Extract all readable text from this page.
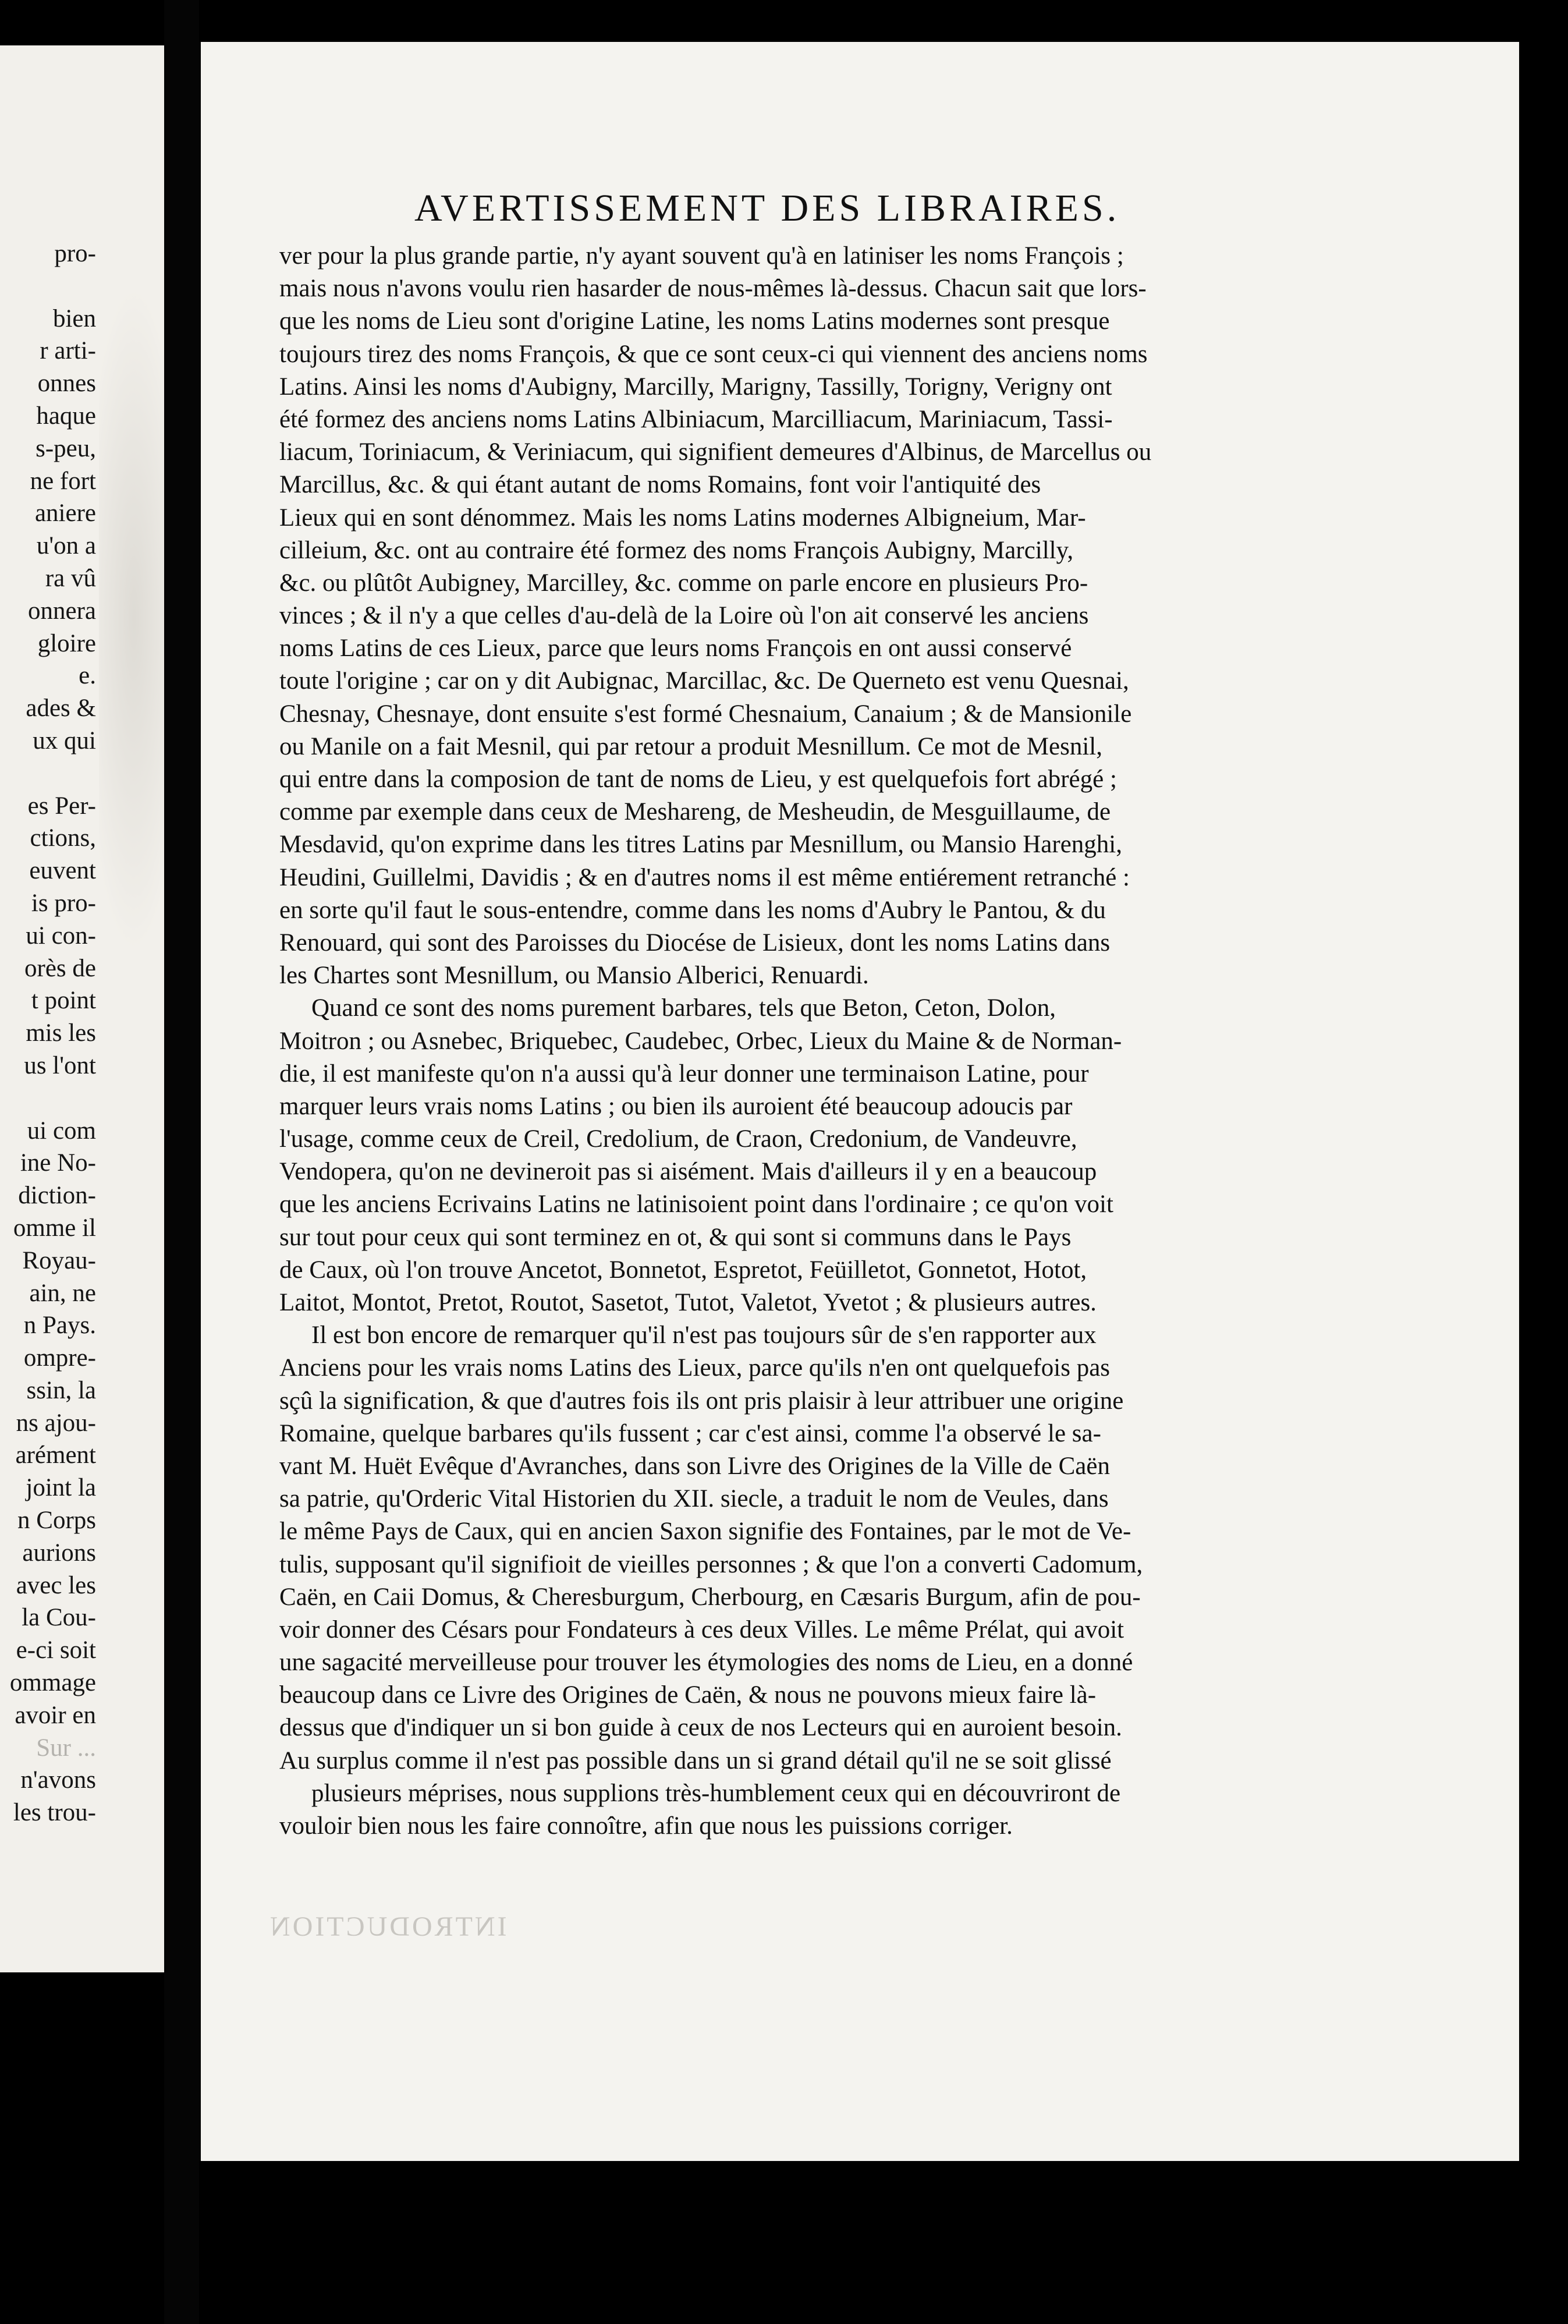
pro-
bien
r arti-
onnes
haque
s-peu,
ne fort
aniere
u'on a
ra vû
onnera
gloire
e.
ades &
ux qui
es Per-
ctions,
euvent
is pro-
ui con-
orès de
t point
mis les
us l'ont
ui com
ine No-
diction-
omme il
Royau-
ain, ne
n Pays.
ompre-
ssin, la
ns ajou-
arément
joint la
n Corps
aurions
avec les
la Cou-
e-ci soit
ommage
avoir en
Sur ...
n'avons
les trou-
AVERTISSEMENT DES LIBRAIRES.
ver pour la plus grande partie, n'y ayant souvent qu'à en latiniser les noms François ;
mais nous n'avons voulu rien hasarder de nous-mêmes là-dessus. Chacun sait que lors-
que les noms de Lieu sont d'origine Latine, les noms Latins modernes sont presque
toujours tirez des noms François, & que ce sont ceux-ci qui viennent des anciens noms
Latins. Ainsi les noms d'Aubigny, Marcilly, Marigny, Tassilly, Torigny, Verigny ont
été formez des anciens noms Latins Albiniacum, Marcilliacum, Mariniacum, Tassi-
liacum, Toriniacum, & Veriniacum, qui signifient demeures d'Albinus, de Marcellus ou
Marcillus, &c. & qui étant autant de noms Romains, font voir l'antiquité des
Lieux qui en sont dénommez. Mais les noms Latins modernes Albigneium, Mar-
cilleium, &c. ont au contraire été formez des noms François Aubigny, Marcilly,
&c. ou plûtôt Aubigney, Marcilley, &c. comme on parle encore en plusieurs Pro-
vinces ; & il n'y a que celles d'au-delà de la Loire où l'on ait conservé les anciens
noms Latins de ces Lieux, parce que leurs noms François en ont aussi conservé
toute l'origine ; car on y dit Aubignac, Marcillac, &c. De Querneto est venu Quesnai,
Chesnay, Chesnaye, dont ensuite s'est formé Chesnaium, Canaium ; & de Mansionile
ou Manile on a fait Mesnil, qui par retour a produit Mesnillum. Ce mot de Mesnil,
qui entre dans la composion de tant de noms de Lieu, y est quelquefois fort abrégé ;
comme par exemple dans ceux de Meshareng, de Mesheudin, de Mesguillaume, de
Mesdavid, qu'on exprime dans les titres Latins par Mesnillum, ou Mansio Harenghi,
Heudini, Guillelmi, Davidis ; & en d'autres noms il est même entiérement retranché :
en sorte qu'il faut le sous-entendre, comme dans les noms d'Aubry le Pantou, & du
Renouard, qui sont des Paroisses du Diocése de Lisieux, dont les noms Latins dans
les Chartes sont Mesnillum, ou Mansio Alberici, Renuardi.
Quand ce sont des noms purement barbares, tels que Beton, Ceton, Dolon,
Moitron ; ou Asnebec, Briquebec, Caudebec, Orbec, Lieux du Maine & de Norman-
die, il est manifeste qu'on n'a aussi qu'à leur donner une terminaison Latine, pour
marquer leurs vrais noms Latins ; ou bien ils auroient été beaucoup adoucis par
l'usage, comme ceux de Creil, Credolium, de Craon, Credonium, de Vandeuvre,
Vendopera, qu'on ne devineroit pas si aisément. Mais d'ailleurs il y en a beaucoup
que les anciens Ecrivains Latins ne latinisoient point dans l'ordinaire ; ce qu'on voit
sur tout pour ceux qui sont terminez en ot, & qui sont si communs dans le Pays
de Caux, où l'on trouve Ancetot, Bonnetot, Espretot, Feüilletot, Gonnetot, Hotot,
Laitot, Montot, Pretot, Routot, Sasetot, Tutot, Valetot, Yvetot ; & plusieurs autres.
Il est bon encore de remarquer qu'il n'est pas toujours sûr de s'en rapporter aux
Anciens pour les vrais noms Latins des Lieux, parce qu'ils n'en ont quelquefois pas
sçû la signification, & que d'autres fois ils ont pris plaisir à leur attribuer une origine
Romaine, quelque barbares qu'ils fussent ; car c'est ainsi, comme l'a observé le sa-
vant M. Huët Evêque d'Avranches, dans son Livre des Origines de la Ville de Caën
sa patrie, qu'Orderic Vital Historien du XII. siecle, a traduit le nom de Veules, dans
le même Pays de Caux, qui en ancien Saxon signifie des Fontaines, par le mot de Ve-
tulis, supposant qu'il signifioit de vieilles personnes ; & que l'on a converti Cadomum,
Caën, en Caii Domus, & Cheresburgum, Cherbourg, en Cæsaris Burgum, afin de pou-
voir donner des Césars pour Fondateurs à ces deux Villes. Le même Prélat, qui avoit
une sagacité merveilleuse pour trouver les étymologies des noms de Lieu, en a donné
beaucoup dans ce Livre des Origines de Caën, & nous ne pouvons mieux faire là-
dessus que d'indiquer un si bon guide à ceux de nos Lecteurs qui en auroient besoin.
Au surplus comme il n'est pas possible dans un si grand détail qu'il ne se soit glissé
plusieurs méprises, nous supplions très-humblement ceux qui en découvriront de
vouloir bien nous les faire connoître, afin que nous les puissions corriger.
INTRODUCTION
